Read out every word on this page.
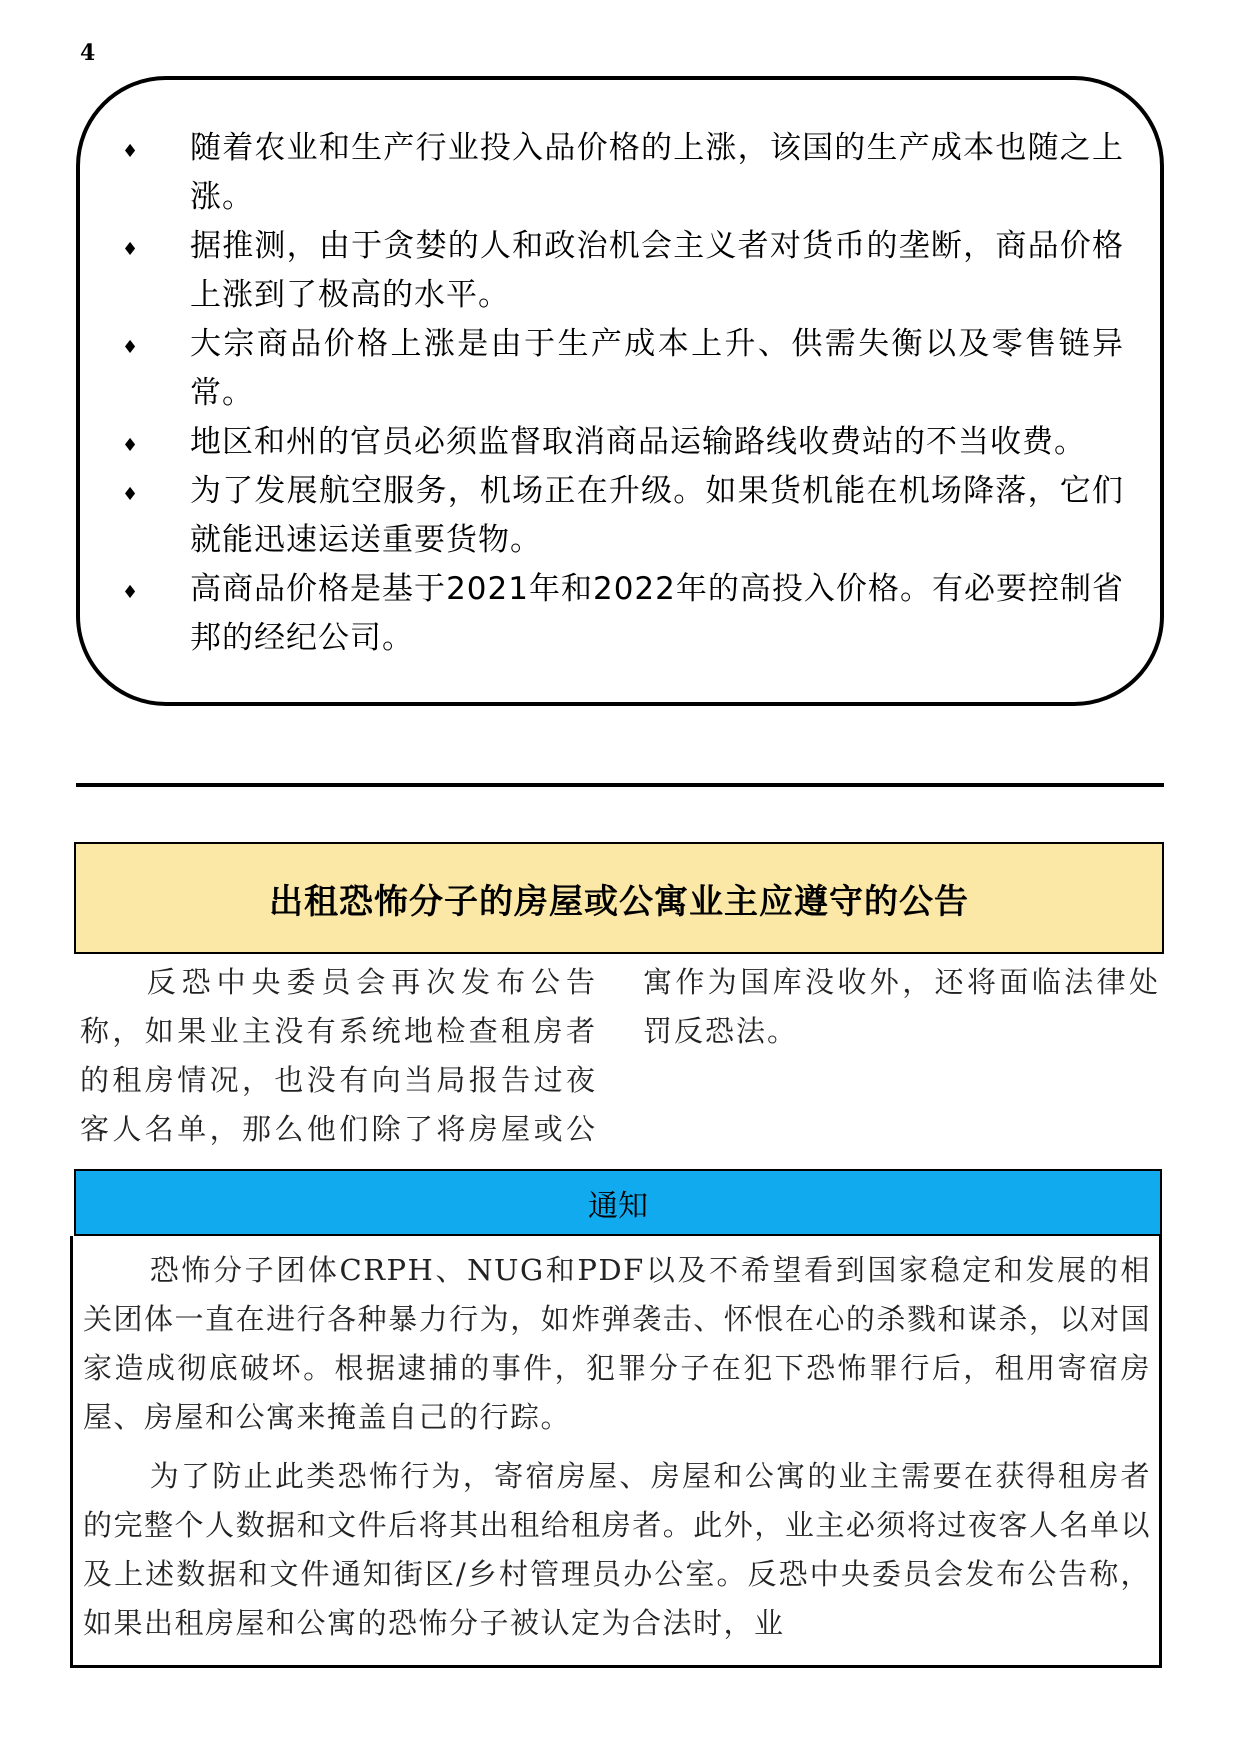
4
♦ 随着农业和生产行业投入品价格的上涨，该国的生产成本也随之上涨。
♦ 据推测，由于贪婪的人和政治机会主义者对货币的垄断，商品价格上涨到了极高的水平。
♦ 大宗商品价格上涨是由于生产成本上升、供需失衡以及零售链异常。
♦ 地区和州的官员必须监督取消商品运输路线收费站的不当收费。
♦ 为了发展航空服务，机场正在升级。如果货机能在机场降落，它们就能迅速运送重要货物。
♦ 高商品价格是基于2021年和2022年的高投入价格。有必要控制省邦的经纪公司。
出租恐怖分子的房屋或公寓业主应遵守的公告

反恐中央委员会再次发布公告称，如果业主没有系统地检查租房者的租房情况，也没有向当局报告过夜客人名单，那么他们除了将房屋或公寓作为国库没收外，还将面临法律处罚反恐法。

通知

恐怖分子团体CRPH、NUG和PDF以及不希望看到国家稳定和发展的相关团体一直在进行各种暴力行为，如炸弹袭击、怀恨在心的杀戮和谋杀，以对国家造成彻底破坏。根据逮捕的事件，犯罪分子在犯下恐怖罪行后，租用寄宿房屋、房屋和公寓来掩盖自己的行踪。

为了防止此类恐怖行为，寄宿房屋、房屋和公寓的业主需要在获得租房者的完整个人数据和文件后将其出租给租房者。此外，业主必须将过夜客人名单以及上述数据和文件通知街区/乡村管理员办公室。反恐中央委员会发布公告称，如果出租房屋和公寓的恐怖分子被认定为合法时，业
